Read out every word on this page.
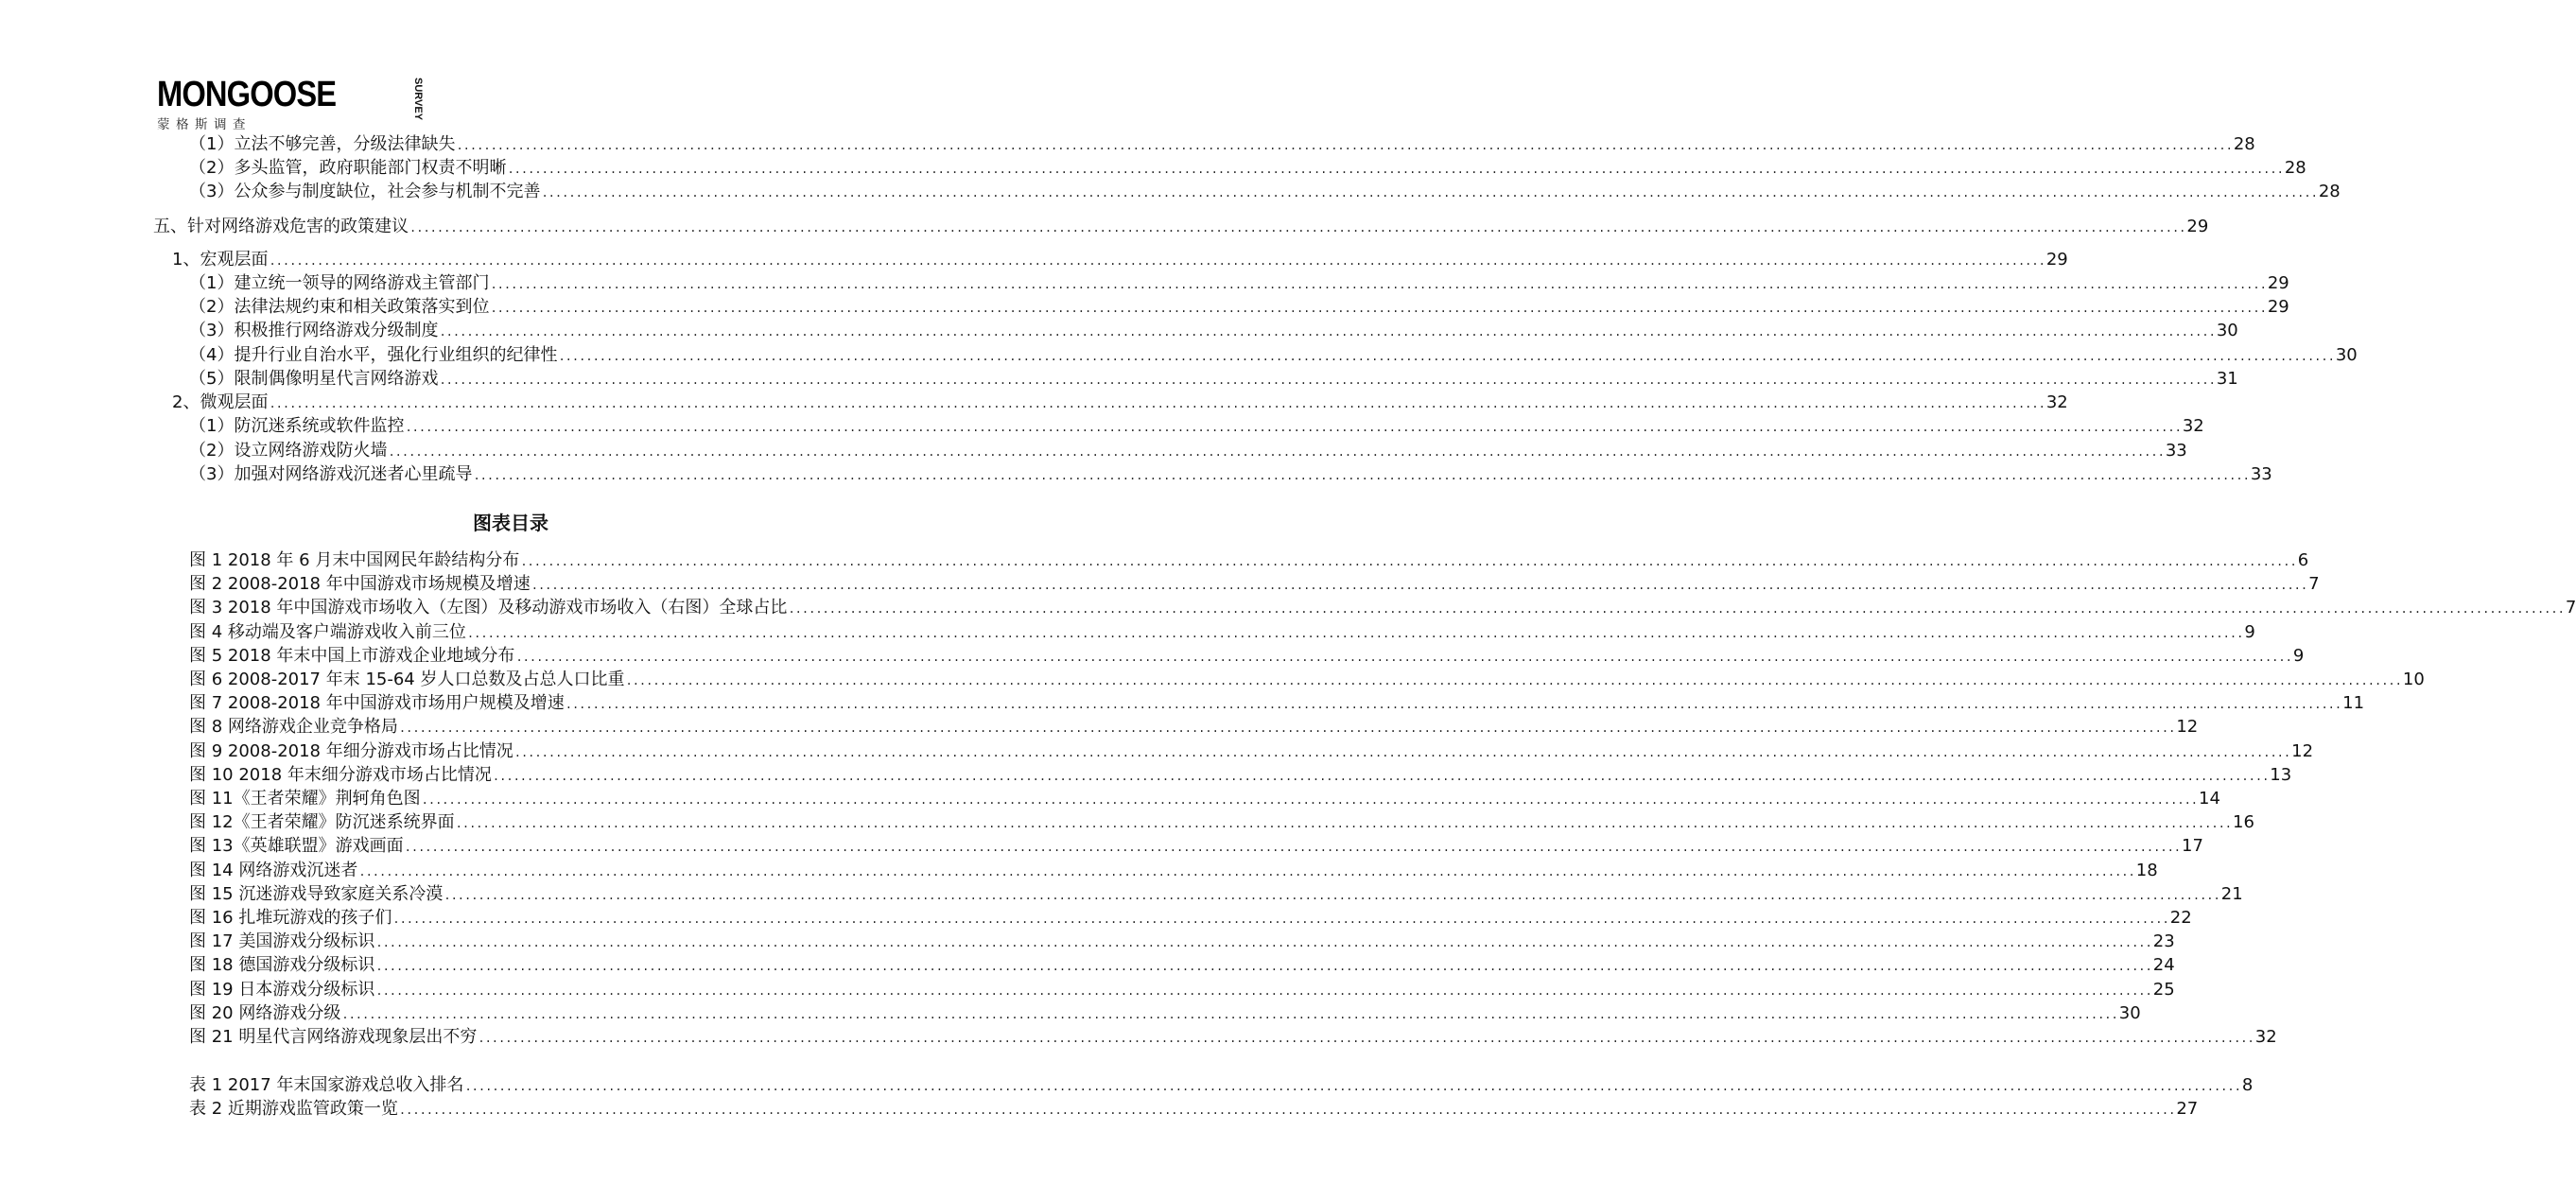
MONGOOSE	SURVEY
蒙格斯调查
（1）立法不够完善，分级法律缺失 .................................................................................................................................................................................................................................................................... 28
（2）多头监管，政府职能部门权责不明晰 .................................................................................................................................................................................................................................................................... 28
（3）公众参与制度缺位，社会参与机制不完善 .................................................................................................................................................................................................................................................................... 28
五、针对网络游戏危害的政策建议 .................................................................................................................................................................................................................................................................... 29
1、宏观层面 .................................................................................................................................................................................................................................................................... 29
（1）建立统一领导的网络游戏主管部门 .................................................................................................................................................................................................................................................................... 29
（2）法律法规约束和相关政策落实到位 .................................................................................................................................................................................................................................................................... 29
（3）积极推行网络游戏分级制度 .................................................................................................................................................................................................................................................................... 30
（4）提升行业自治水平，强化行业组织的纪律性 .................................................................................................................................................................................................................................................................... 30
（5）限制偶像明星代言网络游戏 .................................................................................................................................................................................................................................................................... 31
2、微观层面 .................................................................................................................................................................................................................................................................... 32
（1）防沉迷系统或软件监控 .................................................................................................................................................................................................................................................................... 32
（2）设立网络游戏防火墙 .................................................................................................................................................................................................................................................................... 33
（3）加强对网络游戏沉迷者心里疏导 .................................................................................................................................................................................................................................................................... 33
图表目录
图 1 2018 年 6 月末中国网民年龄结构分布 .................................................................................................................................................................................................................................................................... 6
图 2 2008-2018 年中国游戏市场规模及增速 .................................................................................................................................................................................................................................................................... 7
图 3 2018 年中国游戏市场收入（左图）及移动游戏市场收入（右图）全球占比 .................................................................................................................................................................................................................................................................... 7
图 4 移动端及客户端游戏收入前三位 .................................................................................................................................................................................................................................................................... 9
图 5 2018 年末中国上市游戏企业地域分布 .................................................................................................................................................................................................................................................................... 9
图 6 2008-2017 年末 15-64 岁人口总数及占总人口比重 .................................................................................................................................................................................................................................................................... 10
图 7 2008-2018 年中国游戏市场用户规模及增速 .................................................................................................................................................................................................................................................................... 11
图 8 网络游戏企业竞争格局 .................................................................................................................................................................................................................................................................... 12
图 9 2008-2018 年细分游戏市场占比情况 .................................................................................................................................................................................................................................................................... 12
图 10 2018 年末细分游戏市场占比情况 .................................................................................................................................................................................................................................................................... 13
图 11《王者荣耀》荆轲角色图 .................................................................................................................................................................................................................................................................... 14
图 12《王者荣耀》防沉迷系统界面 .................................................................................................................................................................................................................................................................... 16
图 13《英雄联盟》游戏画面 .................................................................................................................................................................................................................................................................... 17
图 14 网络游戏沉迷者 .................................................................................................................................................................................................................................................................... 18
图 15 沉迷游戏导致家庭关系冷漠 .................................................................................................................................................................................................................................................................... 21
图 16 扎堆玩游戏的孩子们 .................................................................................................................................................................................................................................................................... 22
图 17 美国游戏分级标识 .................................................................................................................................................................................................................................................................... 23
图 18 德国游戏分级标识 .................................................................................................................................................................................................................................................................... 24
图 19 日本游戏分级标识 .................................................................................................................................................................................................................................................................... 25
图 20 网络游戏分级 .................................................................................................................................................................................................................................................................... 30
图 21 明星代言网络游戏现象层出不穷 .................................................................................................................................................................................................................................................................... 32
表 1 2017 年末国家游戏总收入排名 .................................................................................................................................................................................................................................................................... 8
表 2 近期游戏监管政策一览 .................................................................................................................................................................................................................................................................... 27
